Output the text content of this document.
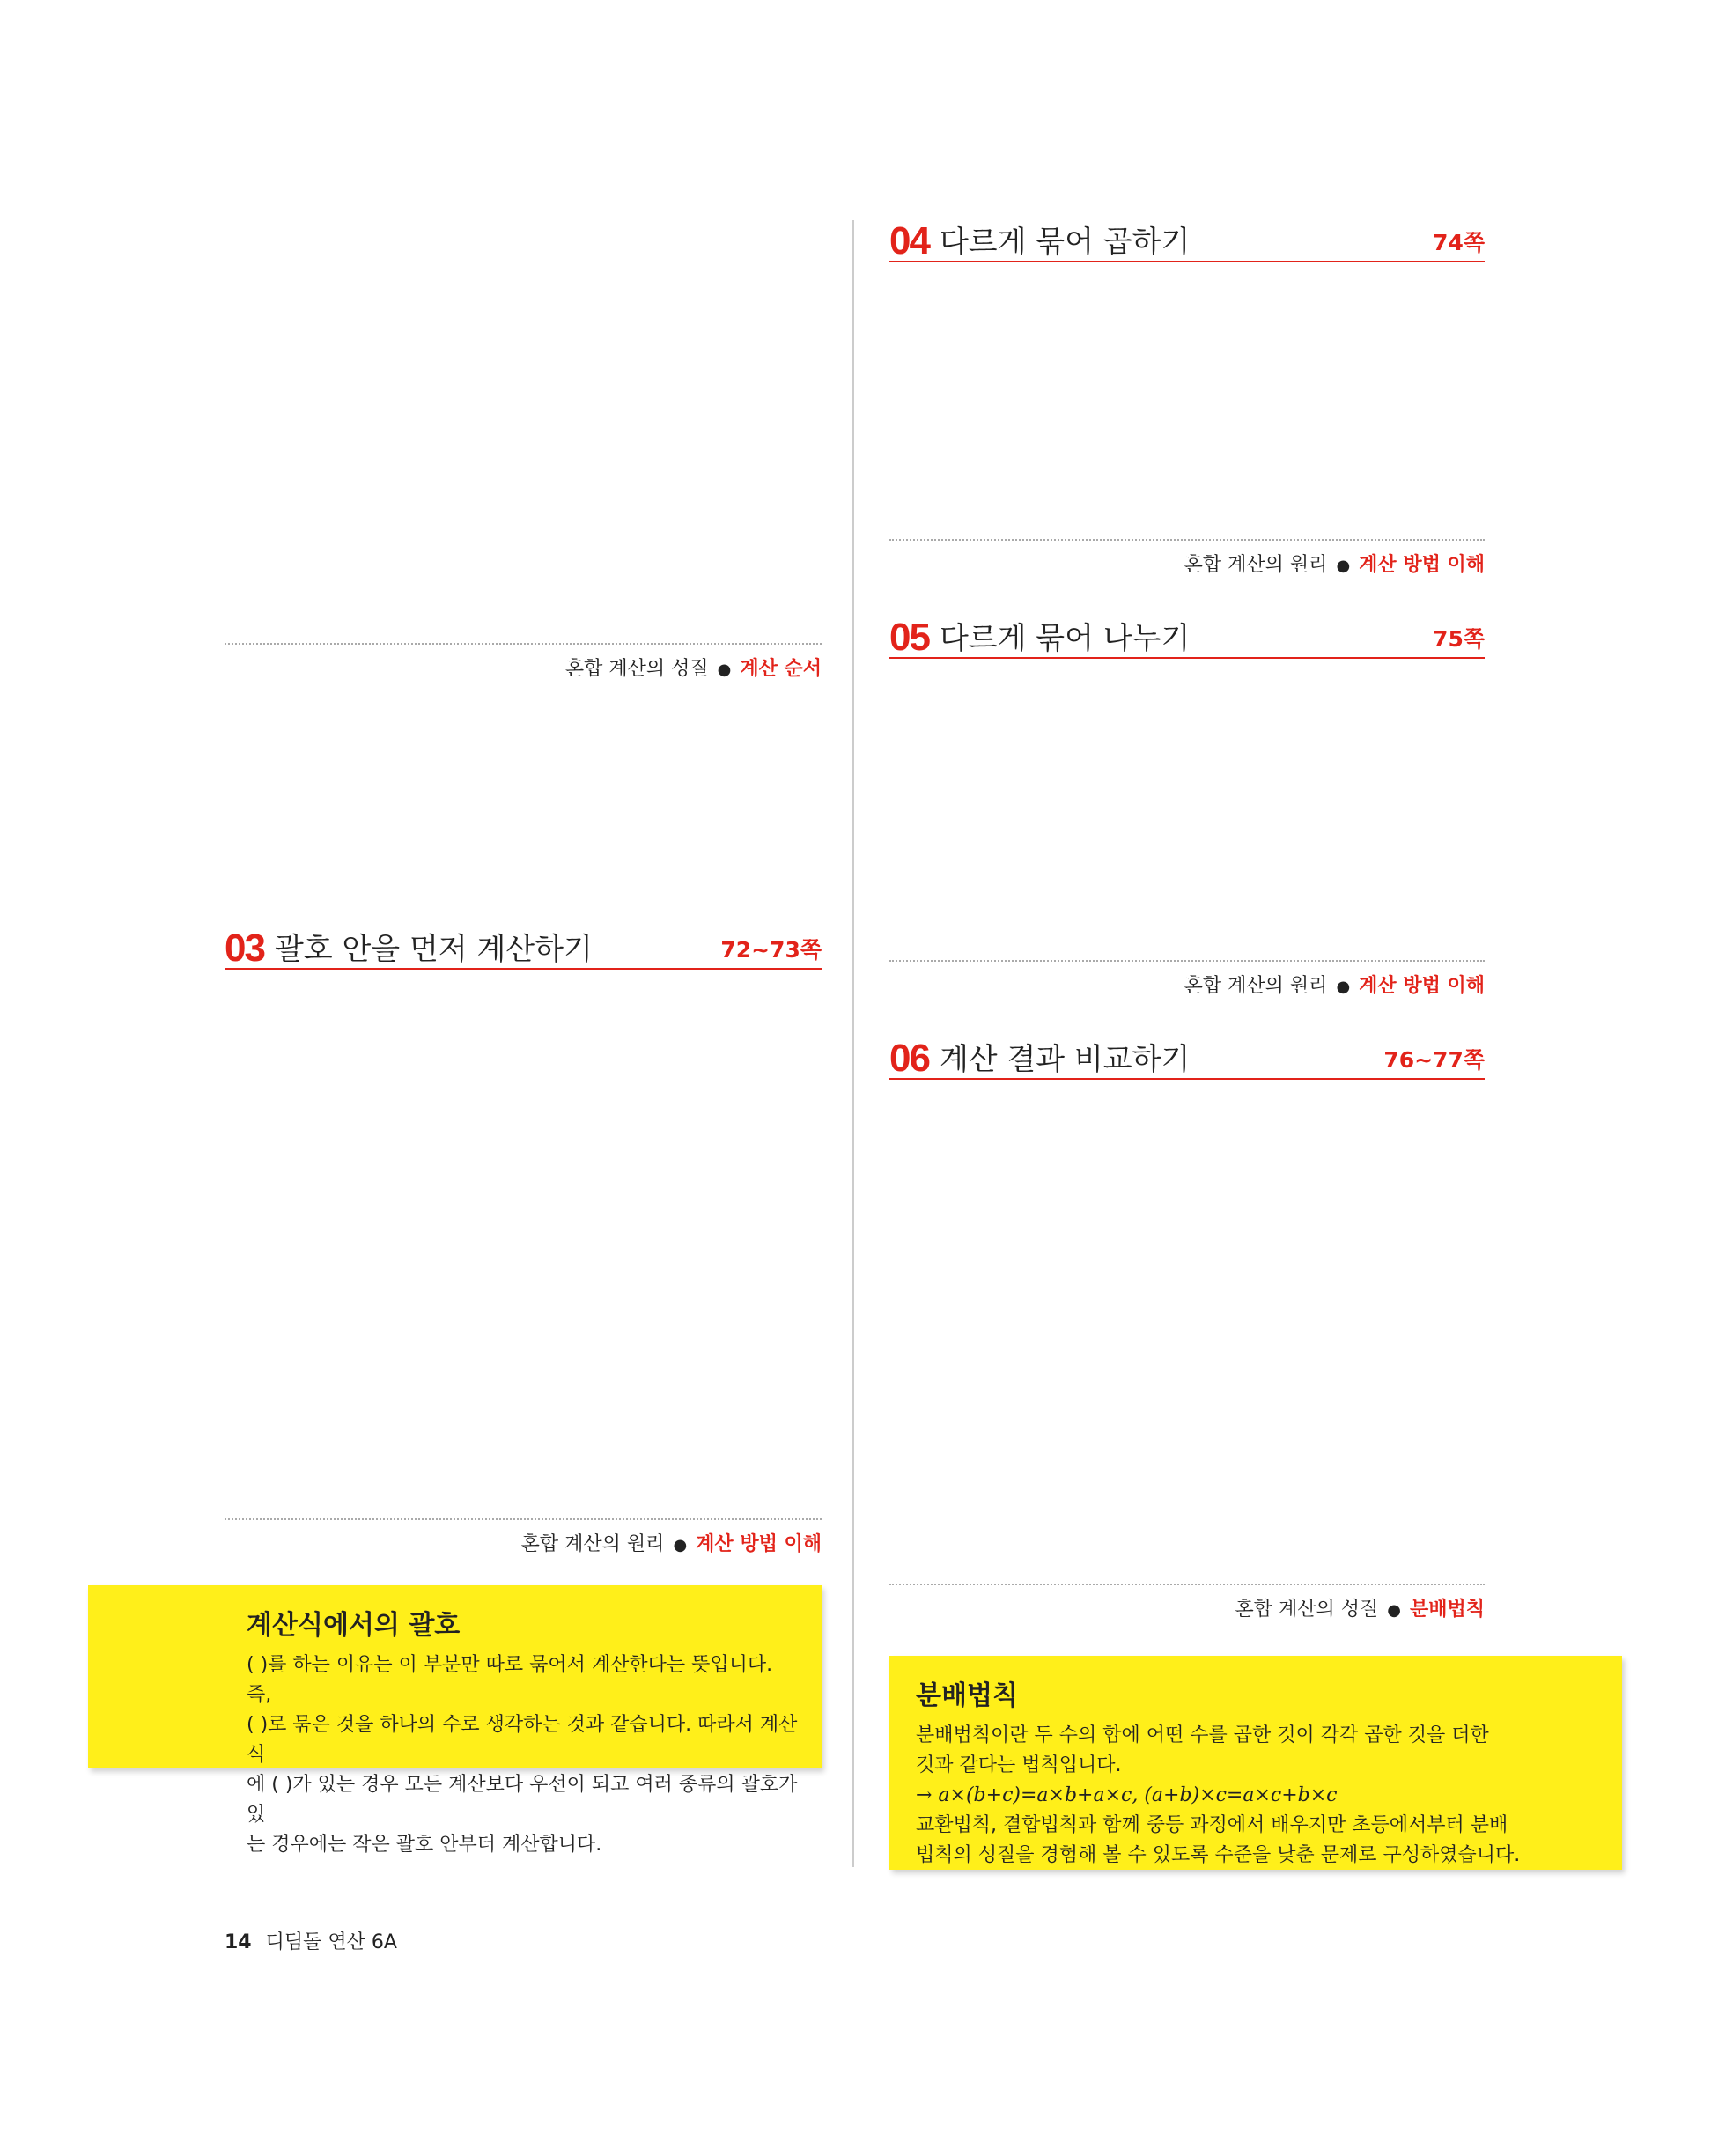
혼합 계산의 성질 ● 계산 순서
03 괄호 안을 먼저 계산하기	72~73쪽
혼합 계산의 원리 ● 계산 방법 이해
계산식에서의 괄호
( )를 하는 이유는 이 부분만 따로 묶어서 계산한다는 뜻입니다. 즉,
( )로 묶은 것을 하나의 수로 생각하는 것과 같습니다. 따라서 계산식
에 ( )가 있는 경우 모든 계산보다 우선이 되고 여러 종류의 괄호가 있
는 경우에는 작은 괄호 안부터 계산합니다.
04 다르게 묶어 곱하기	74쪽
혼합 계산의 원리 ● 계산 방법 이해
05 다르게 묶어 나누기	75쪽
혼합 계산의 원리 ● 계산 방법 이해
06 계산 결과 비교하기	76~77쪽
혼합 계산의 성질 ● 분배법칙
분배법칙
분배법칙이란 두 수의 합에 어떤 수를 곱한 것이 각각 곱한 것을 더한
것과 같다는 법칙입니다.
→ a×(b+c)=a×b+a×c, (a+b)×c=a×c+b×c
교환법칙, 결합법칙과 함께 중등 과정에서 배우지만 초등에서부터 분배
법칙의 성질을 경험해 볼 수 있도록 수준을 낮춘 문제로 구성하였습니다.
14 디딤돌 연산 6A
